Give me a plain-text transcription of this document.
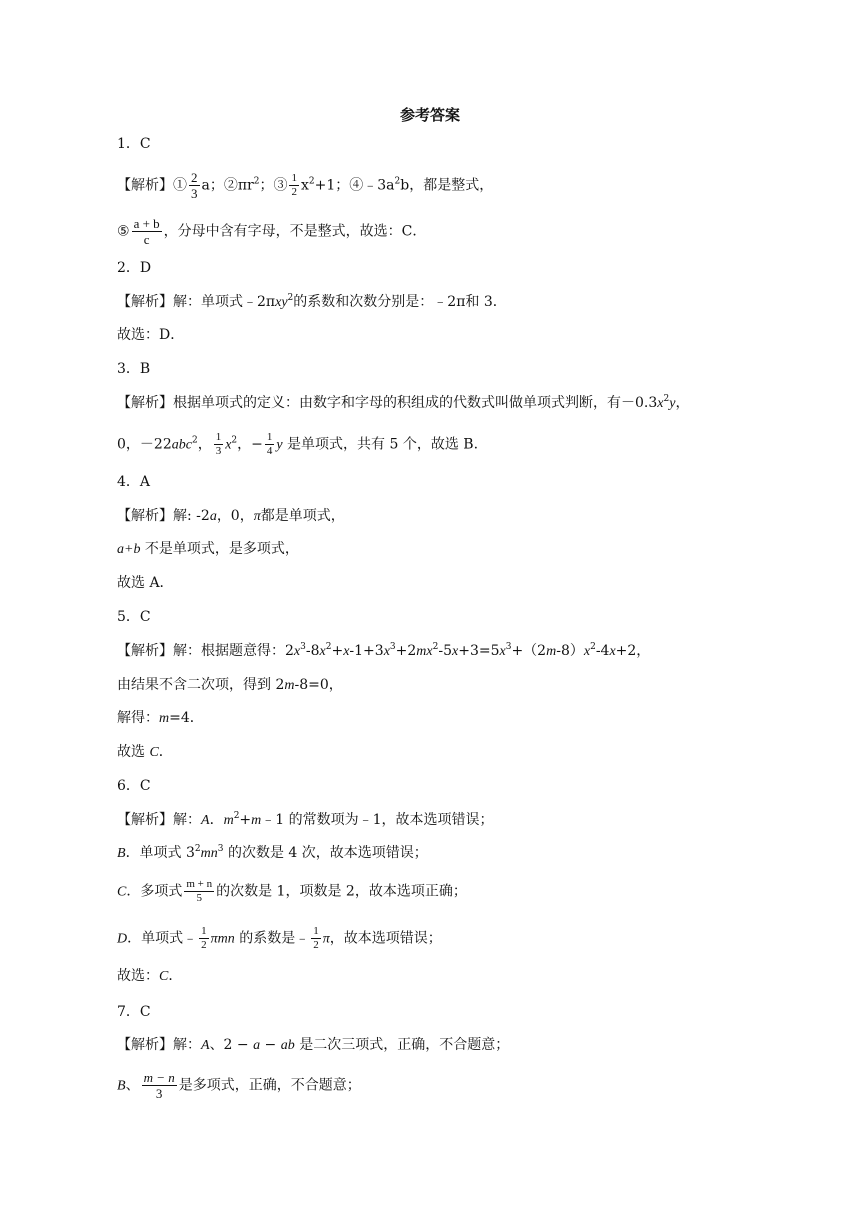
参考答案
1．C
【解析】① $\frac{2}{3}$ a；$②\pi r^2$；③ $\frac{1}{2} x^2+1$；$④﹣3a^2b$，都是整式，
⑤ $\frac{a + b}{c}$ ，分母中含有字母，不是整式，故选：C．
2．D
【解析】解：单项式﹣2πxy$^2$的系数和次数分别是：﹣2π和 3．
故选：D．
3．B
【解析】根据单项式的定义：由数字和字母的积组成的代数式叫做单项式判断，有$-0.3x^2y$，
0，－22abc$^2$， $\frac{1}{3} x^2$，− $\frac{1}{4}$ y 是单项式，共有 5 个，故选 B.
4．A
【解析】解: -2a，0，π都是单项式，
a+b 不是单项式，是多项式，
故选 A．
5．C
【解析】解：根据题意得：$2x^3-8x^2+x-1+3x^3+2mx^2-5x+3=5x^3+(2m-8)x^2-4x+2$，
由结果不含二次项，得到 2m-8=0，
解得：m=4．
故选 C．
6．C
【解析】解：A．$m^2+m﹣1$ 的常数项为﹣1，故本选项错误；
B．单项式 $3^2mn^3$ 的次数是 4 次，故本选项错误；
C．多项式 $\frac{m + n}{5}$ 的次数是 1，项数是 2，故本选项正确；
D．单项式﹣ $\frac{1}{2}$ πmn 的系数是﹣ $\frac{1}{2}$ π，故本选项错误；
故选：C．
7．C
【解析】解：A、2 − a − ab 是二次三项式，正确，不合题意；
B、 $\frac{m - n}{3}$ 是多项式，正确，不合题意；
